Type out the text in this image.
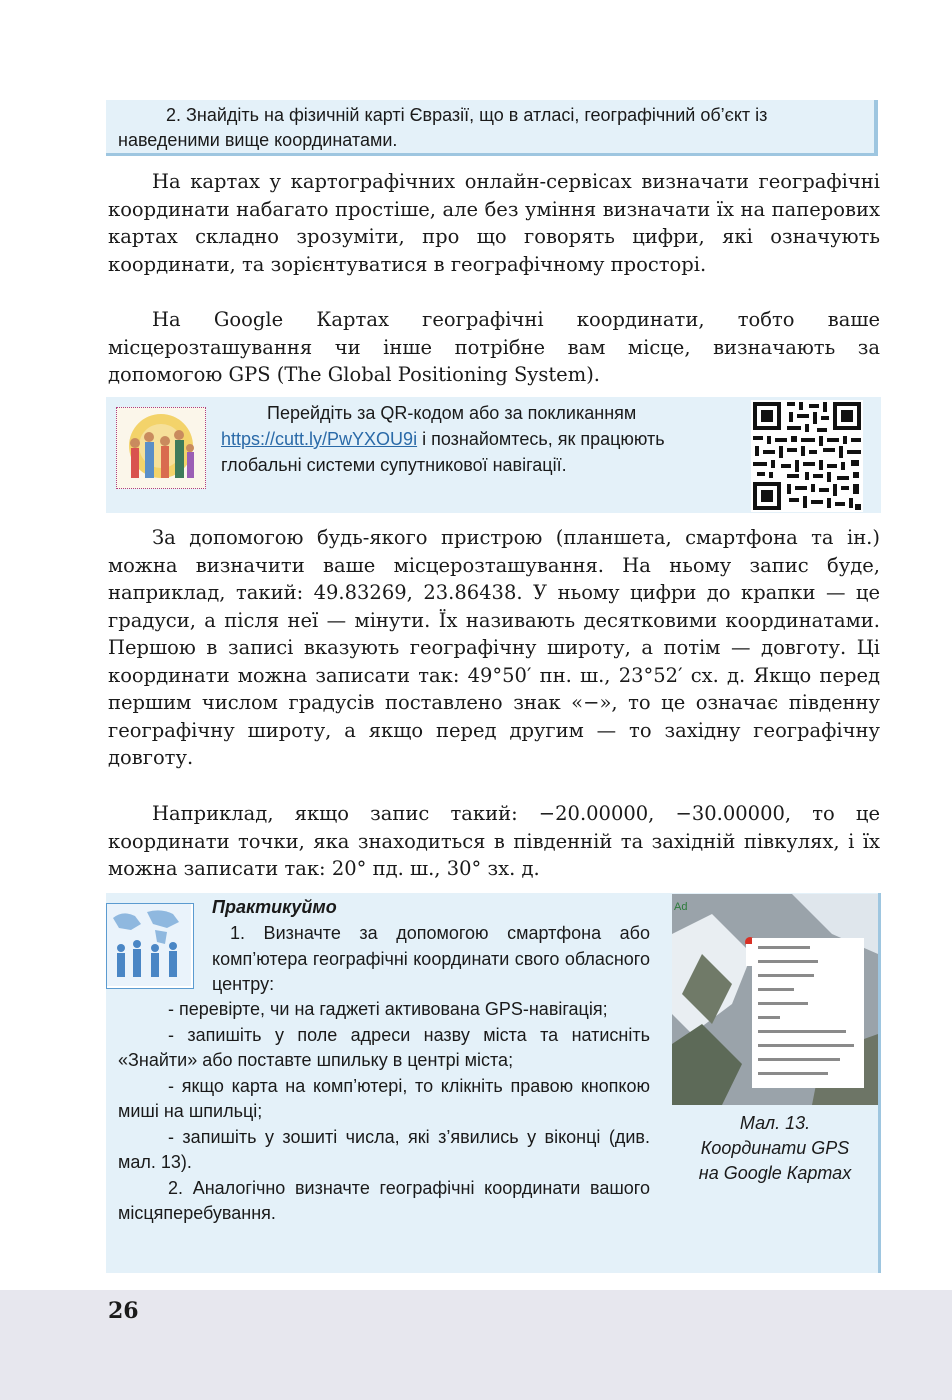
2. Знайдіть на фізичній карті Євразії, що в атласі, географічний об’єкт із наведеними вище координатами.
На картах у картографічних онлайн-сервісах визначати географічні координати набагато простіше, але без уміння визначати їх на паперових картах складно зрозуміти, про що говорять цифри, які означують координати, та зорієнтуватися в географічному просторі.
На Google Картах географічні координати, тобто ваше місцерозташування чи інше потрібне вам місце, визначають за допомогою GPS (The Global Positioning System).
Перейдіть за QR-кодом або за покликанням
https://cutt.ly/PwYXOU9i і познайомтесь, як працюють глобальні системи супутникової навігації.
За допомогою будь-якого пристрою (планшета, смартфона та ін.) можна визначити ваше місцерозташування. На ньому запис буде, наприклад, такий: 49.83269, 23.86438. У ньому цифри до крапки — це градуси, а після неї — мінути. Їх називають десятковими координатами. Першою в записі вказують географічну широту, а потім — довготу. Ці координати можна записати так: 49°50′ пн. ш., 23°52′ сх. д. Якщо перед першим числом градусів поставлено знак «−», то це означає південну географічну широту, а якщо перед другим — то західну географічну довготу.
Наприклад, якщо запис такий: −20.00000, −30.00000, то це координати точки, яка знаходиться в південній та західній півкулях, і їх можна записати так: 20° пд. ш., 30° зх. д.
Практикуймо
1. Визначте за допомогою смартфона або комп’ютера географічні координати свого обласного центру:
- перевірте, чи на гаджеті активована GPS-навігація;
- запишіть у поле адреси назву міста та натисніть «Знайти» або поставте шпильку в центрі міста;
- якщо карта на комп’ютері, то клікніть правою кнопкою миші на шпильці;
- запишіть у зошиті числа, які з’явились у віконці (див. мал. 13).
2. Аналогічно визначте географічні координати вашого місцяперебування.
Ad
Мал. 13.
Координати GPS
на Google Картах
26
